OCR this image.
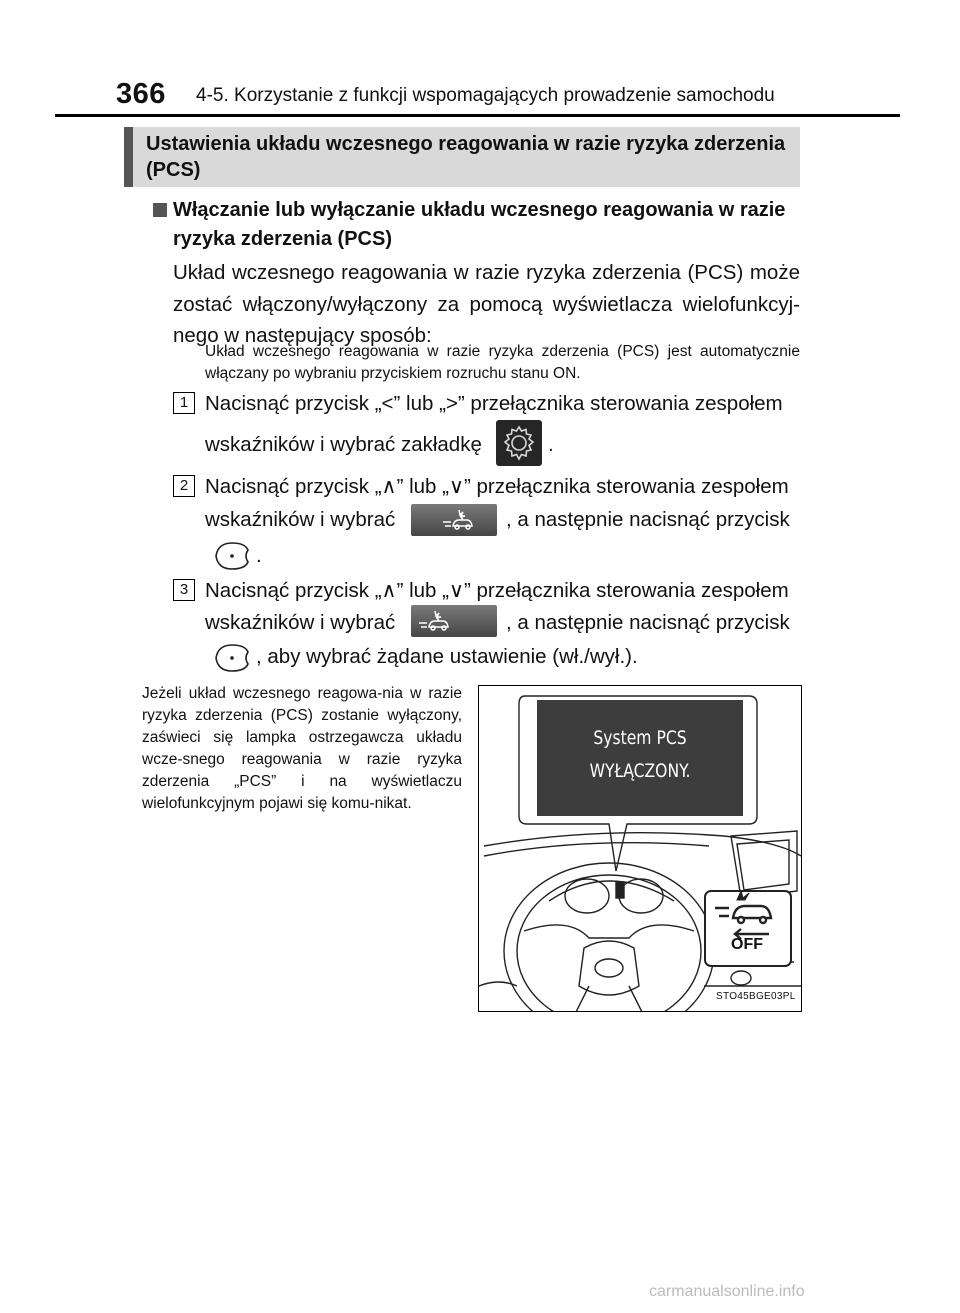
366 4-5. Korzystanie z funkcji wspomagających prowadzenie samochodu
Ustawienia układu wczesnego reagowania w razie ryzyka zderzenia (PCS)
Włączanie lub wyłączanie układu wczesnego reagowania w razie ryzyka zderzenia (PCS)
Układ wczesnego reagowania w razie ryzyka zderzenia (PCS) może zostać włączony/wyłączony za pomocą wyświetlacza wielofunkcyj-nego w następujący sposób:
Układ wczesnego reagowania w razie ryzyka zderzenia (PCS) jest automatycznie włączany po wybraniu przyciskiem rozruchu stanu ON.
1 Nacisnąć przycisk „<” lub „>” przełącznika sterowania zespołem
wskaźników i wybrać zakładkę	.
2 Nacisnąć przycisk „∧” lub „∨” przełącznika sterowania zespołem
wskaźników i wybrać	, a następnie nacisnąć przycisk
.
3 Nacisnąć przycisk „∧” lub „∨” przełącznika sterowania zespołem
wskaźników i wybrać	, a następnie nacisnąć przycisk
, aby wybrać żądane ustawienie (wł./wył.).
Jeżeli układ wczesnego reagowa-nia w razie ryzyka zderzenia (PCS) zostanie wyłączony, zaświeci się lampka ostrzegawcza układu wcze-snego reagowania w razie ryzyka zderzenia „PCS” i na wyświetlaczu wielofunkcyjnym pojawi się komu-nikat.
System PCS
WYŁĄCZONY.
OFF
STO45BGE03PL
carmanualsonline.info
